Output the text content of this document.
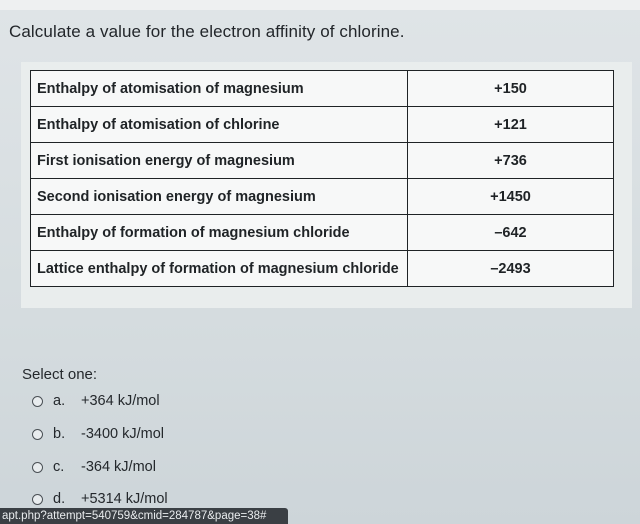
Calculate a value for the electron affinity of chlorine.
Enthalpy of atomisation of magnesium	+150
Enthalpy of atomisation of chlorine	+121
First ionisation energy of magnesium	+736
Second ionisation energy of magnesium	+1450
Enthalpy of formation of magnesium chloride	–642
Lattice enthalpy of formation of magnesium chloride	–2493
Select one:
a.	+364 kJ/mol
b.	-3400 kJ/mol
c.	-364 kJ/mol
d.	+5314 kJ/mol
apt.php?attempt=540759&cmid=284787&page=38#
